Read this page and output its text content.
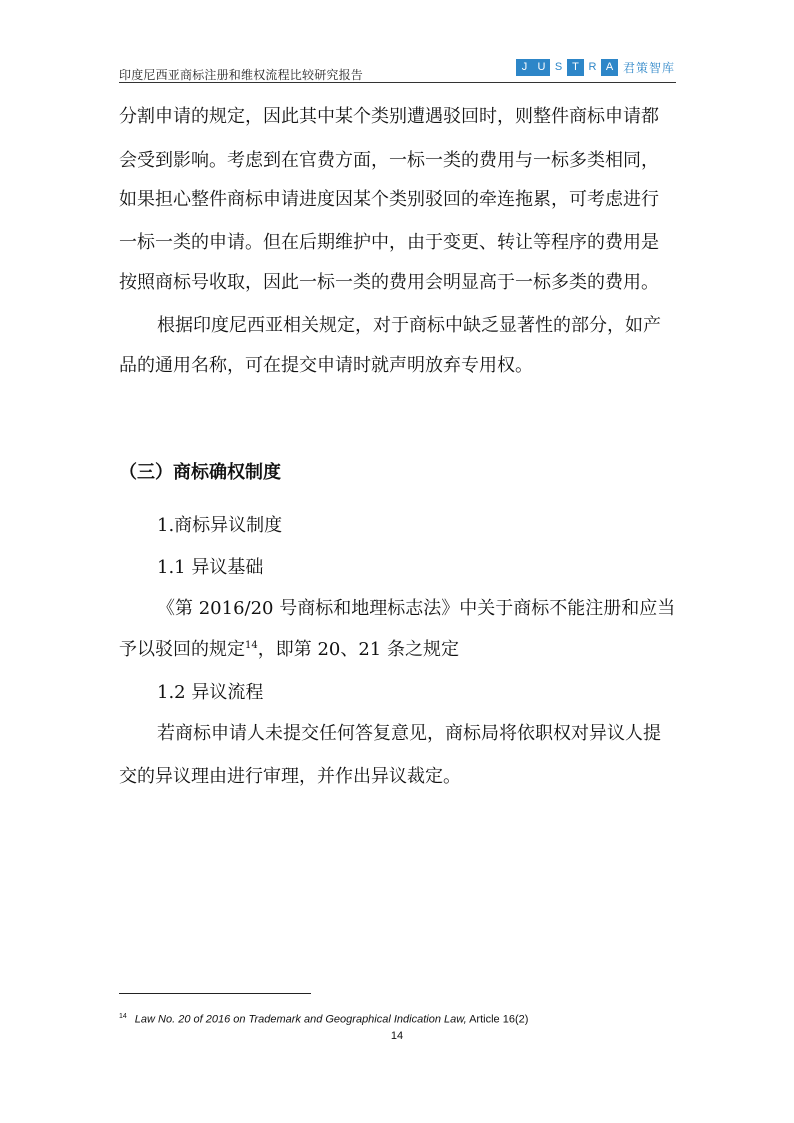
印度尼西亚商标注册和维权流程比较研究报告
J U S T R A 君策智库
分割申请的规定，因此其中某个类别遭遇驳回时，则整件商标申请都
会受到影响。考虑到在官费方面，一标一类的费用与一标多类相同，
如果担心整件商标申请进度因某个类别驳回的牵连拖累，可考虑进行
一标一类的申请。但在后期维护中，由于变更、转让等程序的费用是
按照商标号收取，因此一标一类的费用会明显高于一标多类的费用。
根据印度尼西亚相关规定，对于商标中缺乏显著性的部分，如产
品的通用名称，可在提交申请时就声明放弃专用权。
（三）商标确权制度
1.商标异议制度
1.1 异议基础
《第 2016/20 号商标和地理标志法》中关于商标不能注册和应当
予以驳回的规定$^{14}$，即第 20、21 条之规定
1.2 异议流程
若商标申请人未提交任何答复意见，商标局将依职权对异议人提
交的异议理由进行审理，并作出异议裁定。
$^{14}$ Law No. 20 of 2016 on Trademark and Geographical Indication Law, Article 16(2)
14
